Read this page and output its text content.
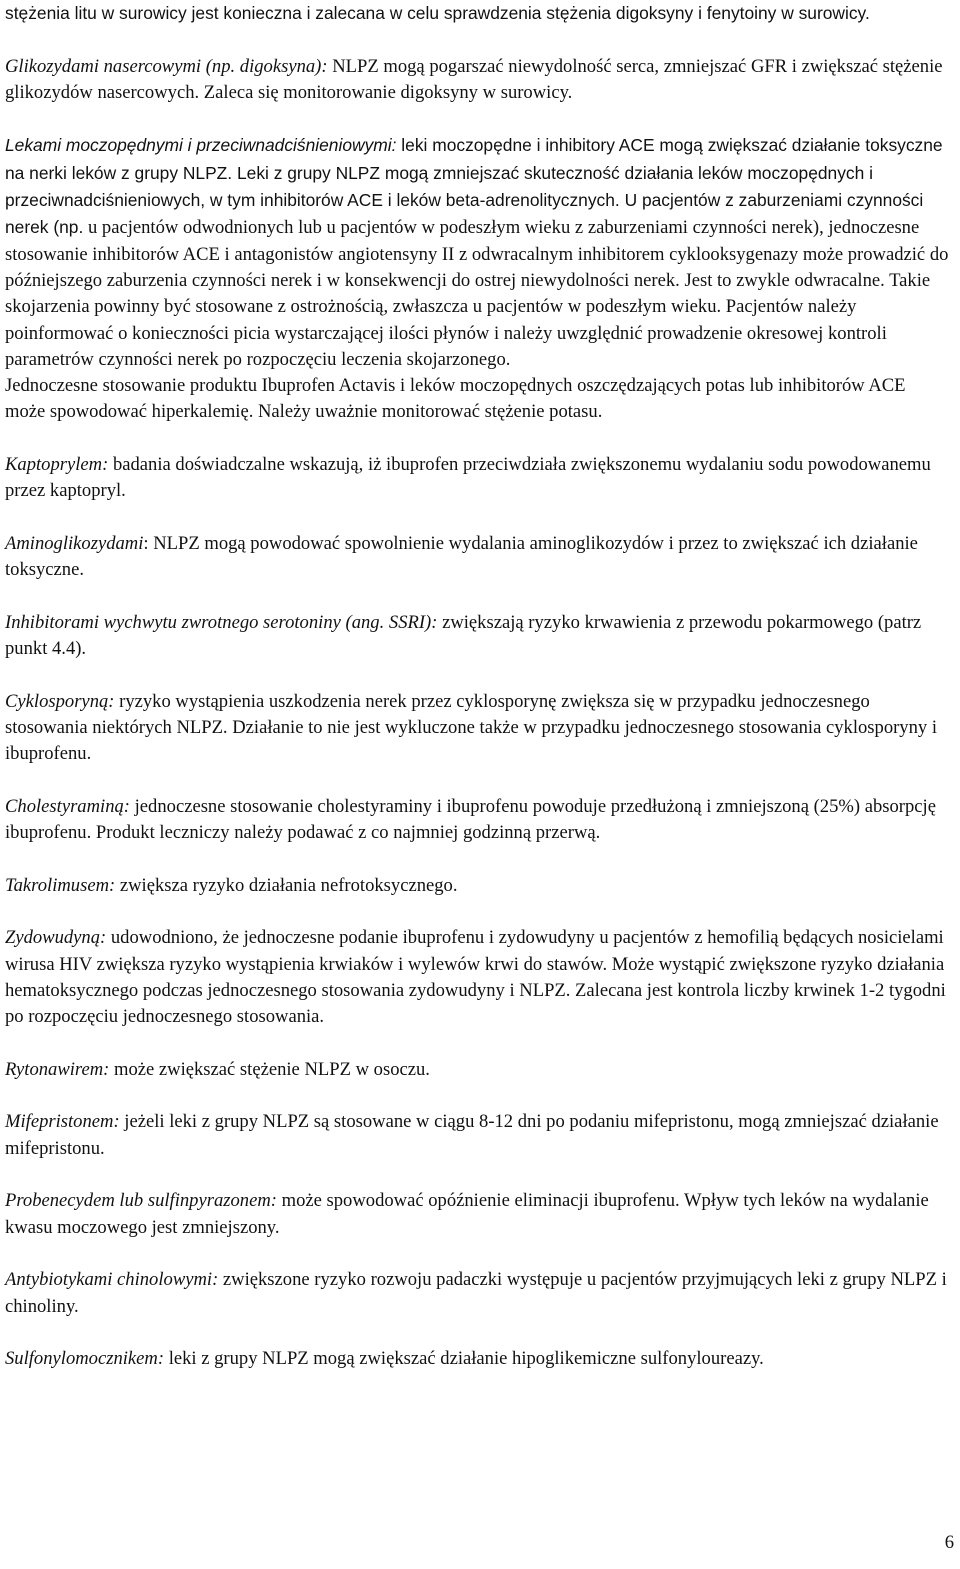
stężenia litu w surowicy jest konieczna i zalecana w celu sprawdzenia stężenia digoksyny i fenytoiny w surowicy.

Glikozydami nasercowymi (np. digoksyna): NLPZ mogą pogarszać niewydolność serca, zmniejszać GFR i zwiększać stężenie glikozydów nasercowych. Zaleca się monitorowanie digoksyny w surowicy.

Lekami moczopędnymi i przeciwnadciśnieniowymi: leki moczopędne i inhibitory ACE mogą zwiększać działanie toksyczne na nerki leków z grupy NLPZ. Leki z grupy NLPZ mogą zmniejszać skuteczność działania leków moczopędnych i przeciwnadciśnieniowych, w tym inhibitorów ACE i leków beta-adrenolitycznych. U pacjentów z zaburzeniami czynności nerek (np. u pacjentów odwodnionych lub u pacjentów w podeszłym wieku z zaburzeniami czynności nerek), jednoczesne stosowanie inhibitorów ACE i antagonistów angiotensyny II z odwracalnym inhibitorem cyklooksygenazy może prowadzić do późniejszego zaburzenia czynności nerek i w konsekwencji do ostrej niewydolności nerek. Jest to zwykle odwracalne. Takie skojarzenia powinny być stosowane z ostrożnością, zwłaszcza u pacjentów w podeszłym wieku. Pacjentów należy poinformować o konieczności picia wystarczającej ilości płynów i należy uwzględnić prowadzenie okresowej kontroli parametrów czynności nerek po rozpoczęciu leczenia skojarzonego.

Jednoczesne stosowanie produktu Ibuprofen Actavis i leków moczopędnych oszczędzających potas lub inhibitorów ACE może spowodować hiperkalemię. Należy uważnie monitorować stężenie potasu.

Kaptoprylem: badania doświadczalne wskazują, iż ibuprofen przeciwdziała zwiększonemu wydalaniu sodu powodowanemu przez kaptopryl.

Aminoglikozydami: NLPZ mogą powodować spowolnienie wydalania aminoglikozydów i przez to zwiększać ich działanie toksyczne.

Inhibitorami wychwytu zwrotnego serotoniny (ang. SSRI): zwiększają ryzyko krwawienia z przewodu pokarmowego (patrz punkt 4.4).

Cyklosporyną: ryzyko wystąpienia uszkodzenia nerek przez cyklosporynę zwiększa się w przypadku jednoczesnego stosowania niektórych NLPZ. Działanie to nie jest wykluczone także w przypadku jednoczesnego stosowania cyklosporyny i ibuprofenu.

Cholestyraminą: jednoczesne stosowanie cholestyraminy i ibuprofenu powoduje przedłużoną i zmniejszoną (25%) absorpcję ibuprofenu. Produkt leczniczy należy podawać z co najmniej godzinną przerwą.

Takrolimusem: zwiększa ryzyko działania nefrotoksycznego.

Zydowudyną: udowodniono, że jednoczesne podanie ibuprofenu i zydowudyny u pacjentów z hemofilią będących nosicielami wirusa HIV zwiększa ryzyko wystąpienia krwiaków i wylewów krwi do stawów. Może wystąpić zwiększone ryzyko działania hematoksycznego podczas jednoczesnego stosowania zydowudyny i NLPZ. Zalecana jest kontrola liczby krwinek 1-2 tygodni po rozpoczęciu jednoczesnego stosowania.

Rytonawirem: może zwiększać stężenie NLPZ w osoczu.

Mifepristonem: jeżeli leki z grupy NLPZ są stosowane w ciągu 8-12 dni po podaniu mifepristonu, mogą zmniejszać działanie mifepristonu.

Probenecydem lub sulfinpyrazonem: może spowodować opóźnienie eliminacji ibuprofenu. Wpływ tych leków na wydalanie kwasu moczowego jest zmniejszony.

Antybiotykami chinolowymi: zwiększone ryzyko rozwoju padaczki występuje u pacjentów przyjmujących leki z grupy NLPZ i chinoliny.

Sulfonylomocznikem: leki z grupy NLPZ mogą zwiększać działanie hipoglikemiczne sulfonyloureazy.

6
